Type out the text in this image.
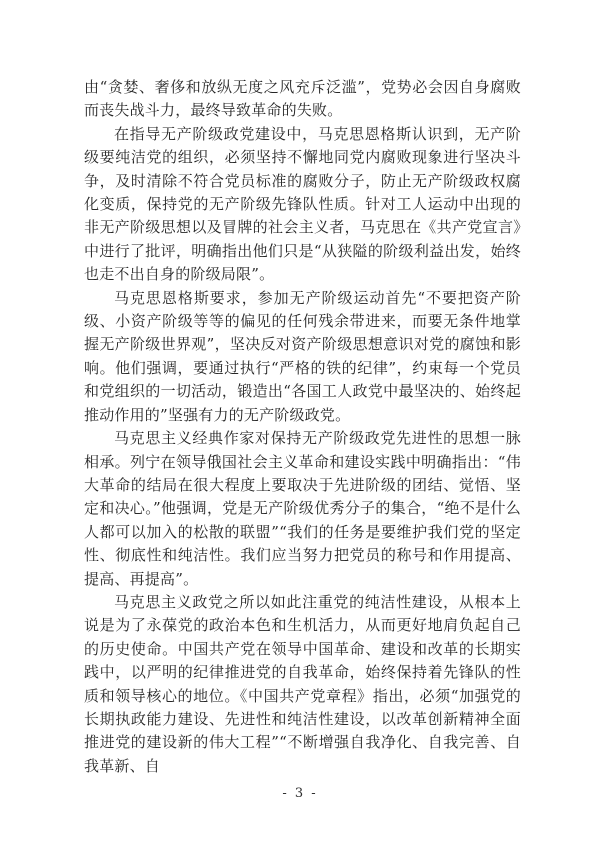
由“贪婪、奢侈和放纵无度之风充斥泛滥”，党势必会因自身腐败而丧失战斗力，最终导致革命的失败。

在指导无产阶级政党建设中，马克思恩格斯认识到，无产阶级要纯洁党的组织，必须坚持不懈地同党内腐败现象进行坚决斗争，及时清除不符合党员标准的腐败分子，防止无产阶级政权腐化变质，保持党的无产阶级先锋队性质。针对工人运动中出现的非无产阶级思想以及冒牌的社会主义者，马克思在《共产党宣言》中进行了批评，明确指出他们只是“从狭隘的阶级利益出发，始终也走不出自身的阶级局限”。

马克思恩格斯要求，参加无产阶级运动首先“不要把资产阶级、小资产阶级等等的偏见的任何残余带进来，而要无条件地掌握无产阶级世界观”，坚决反对资产阶级思想意识对党的腐蚀和影响。他们强调，要通过执行“严格的铁的纪律”，约束每一个党员和党组织的一切活动，锻造出“各国工人政党中最坚决的、始终起推动作用的”坚强有力的无产阶级政党。

马克思主义经典作家对保持无产阶级政党先进性的思想一脉相承。列宁在领导俄国社会主义革命和建设实践中明确指出：“伟大革命的结局在很大程度上要取决于先进阶级的团结、觉悟、坚定和决心。”他强调，党是无产阶级优秀分子的集合，“绝不是什么人都可以加入的松散的联盟”“我们的任务是要维护我们党的坚定性、彻底性和纯洁性。我们应当努力把党员的称号和作用提高、提高、再提高”。

马克思主义政党之所以如此注重党的纯洁性建设，从根本上说是为了永葆党的政治本色和生机活力，从而更好地肩负起自己的历史使命。中国共产党在领导中国革命、建设和改革的长期实践中，以严明的纪律推进党的自我革命，始终保持着先锋队的性质和领导核心的地位。《中国共产党章程》指出，必须“加强党的长期执政能力建设、先进性和纯洁性建设，以改革创新精神全面推进党的建设新的伟大工程”“不断增强自我净化、自我完善、自我革新、自

- 3 -
